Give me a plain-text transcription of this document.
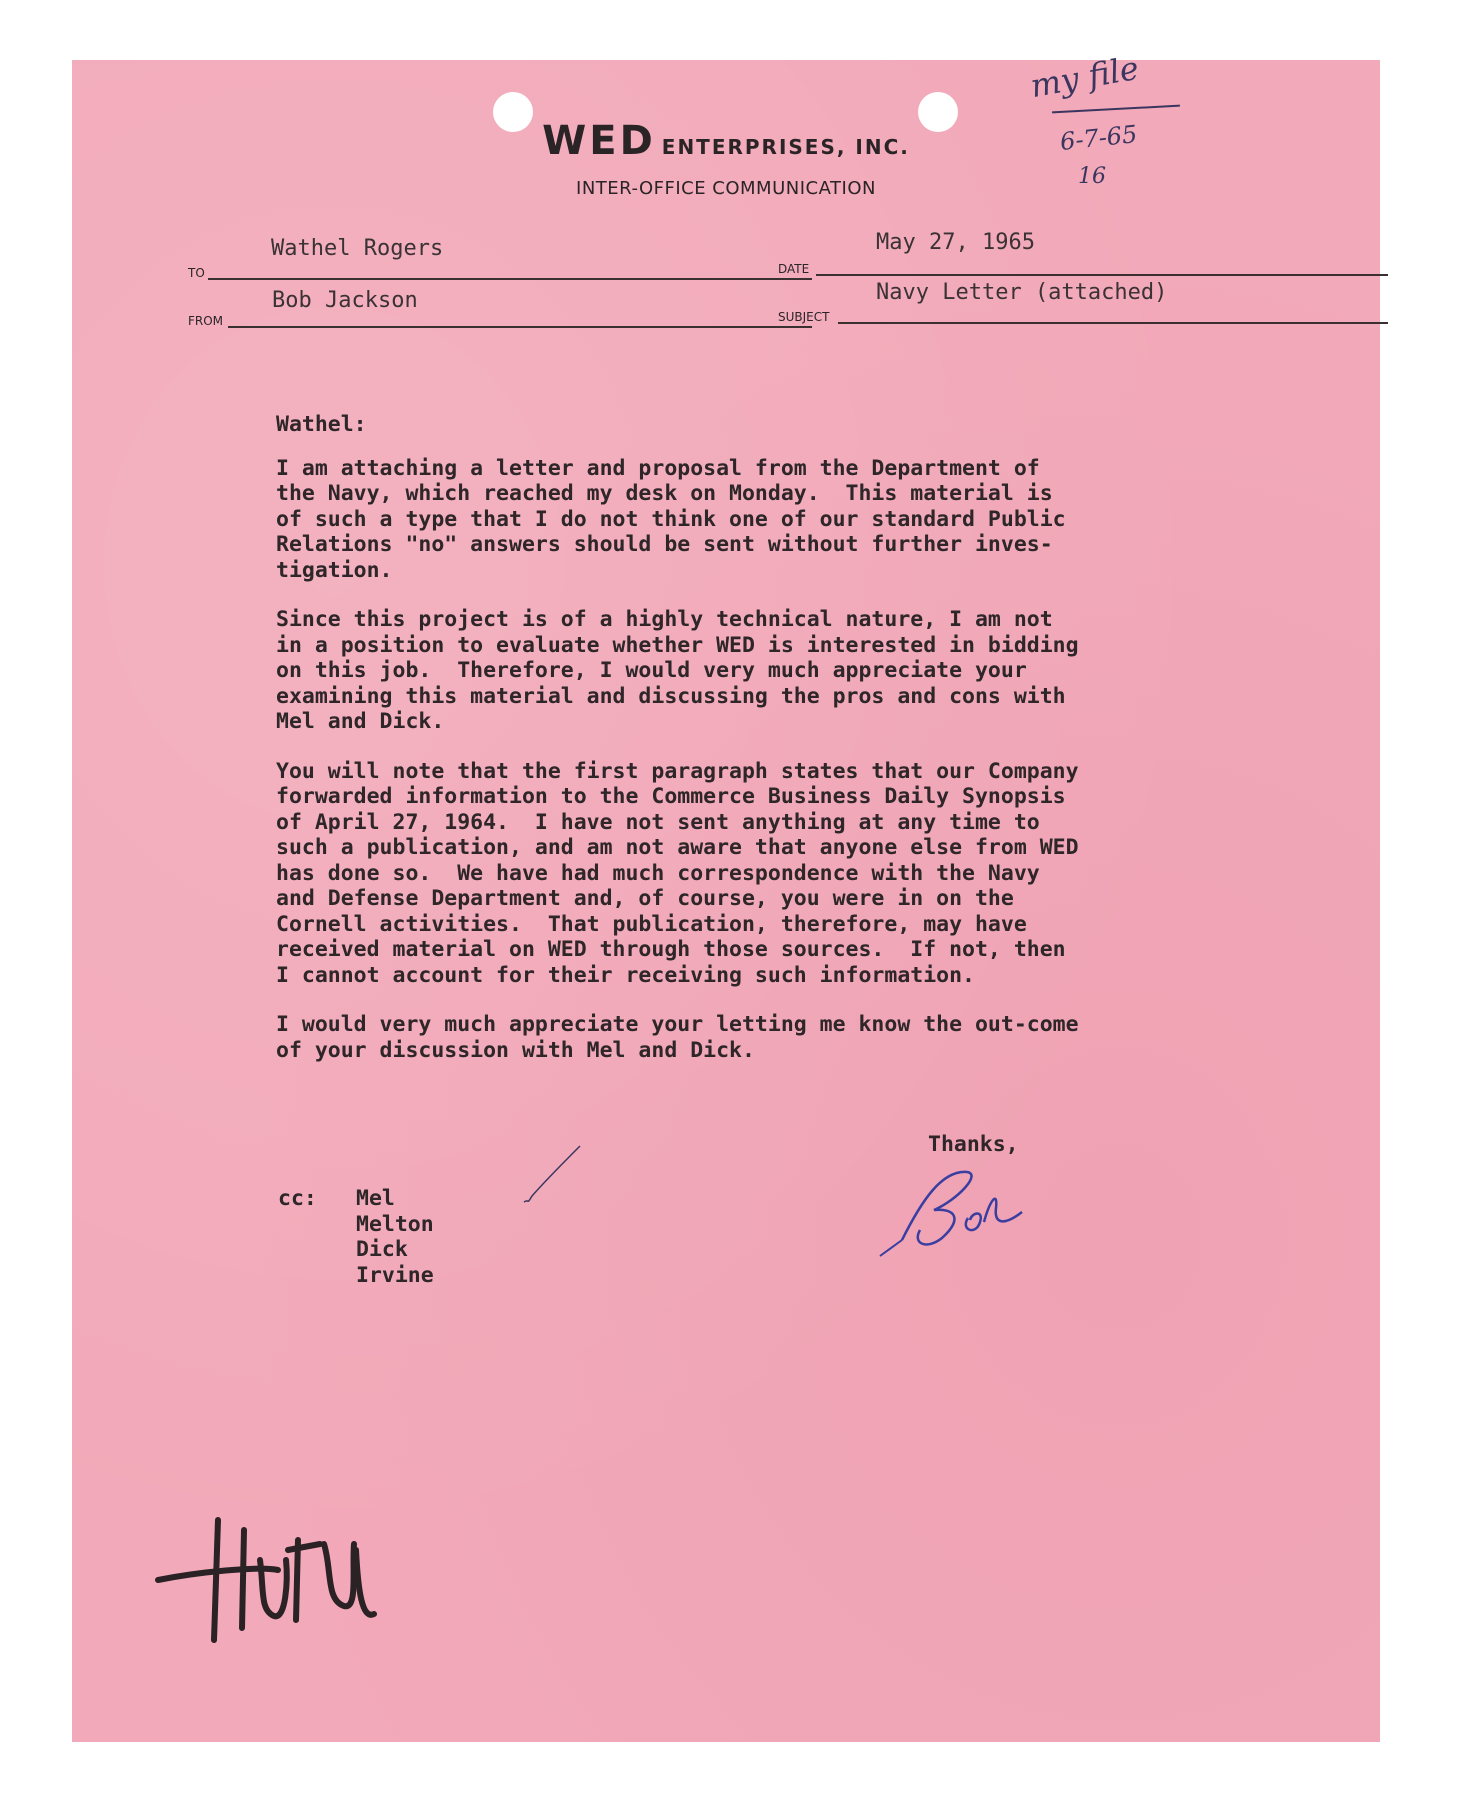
WED ENTERPRISES, INC.
INTER-OFFICE COMMUNICATION
TO
Wathel Rogers
DATE
May 27, 1965
FROM
Bob Jackson
SUBJECT
Navy Letter (attached)
my file
6-7-65
16
Wathel:
I am attaching a letter and proposal from the Department of
the Navy, which reached my desk on Monday.  This material is
of such a type that I do not think one of our standard Public
Relations "no" answers should be sent without further inves-
tigation.
Since this project is of a highly technical nature, I am not
in a position to evaluate whether WED is interested in bidding
on this job.  Therefore, I would very much appreciate your
examining this material and discussing the pros and cons with
Mel and Dick.
You will note that the first paragraph states that our Company
forwarded information to the Commerce Business Daily Synopsis
of April 27, 1964.  I have not sent anything at any time to
such a publication, and am not aware that anyone else from WED
has done so.  We have had much correspondence with the Navy
and Defense Department and, of course, you were in on the
Cornell activities.  That publication, therefore, may have
received material on WED through those sources.  If not, then
I cannot account for their receiving such information.
I would very much appreciate your letting me know the out-come
of your discussion with Mel and Dick.
Thanks,
cc: Mel Melton
Dick Irvine
